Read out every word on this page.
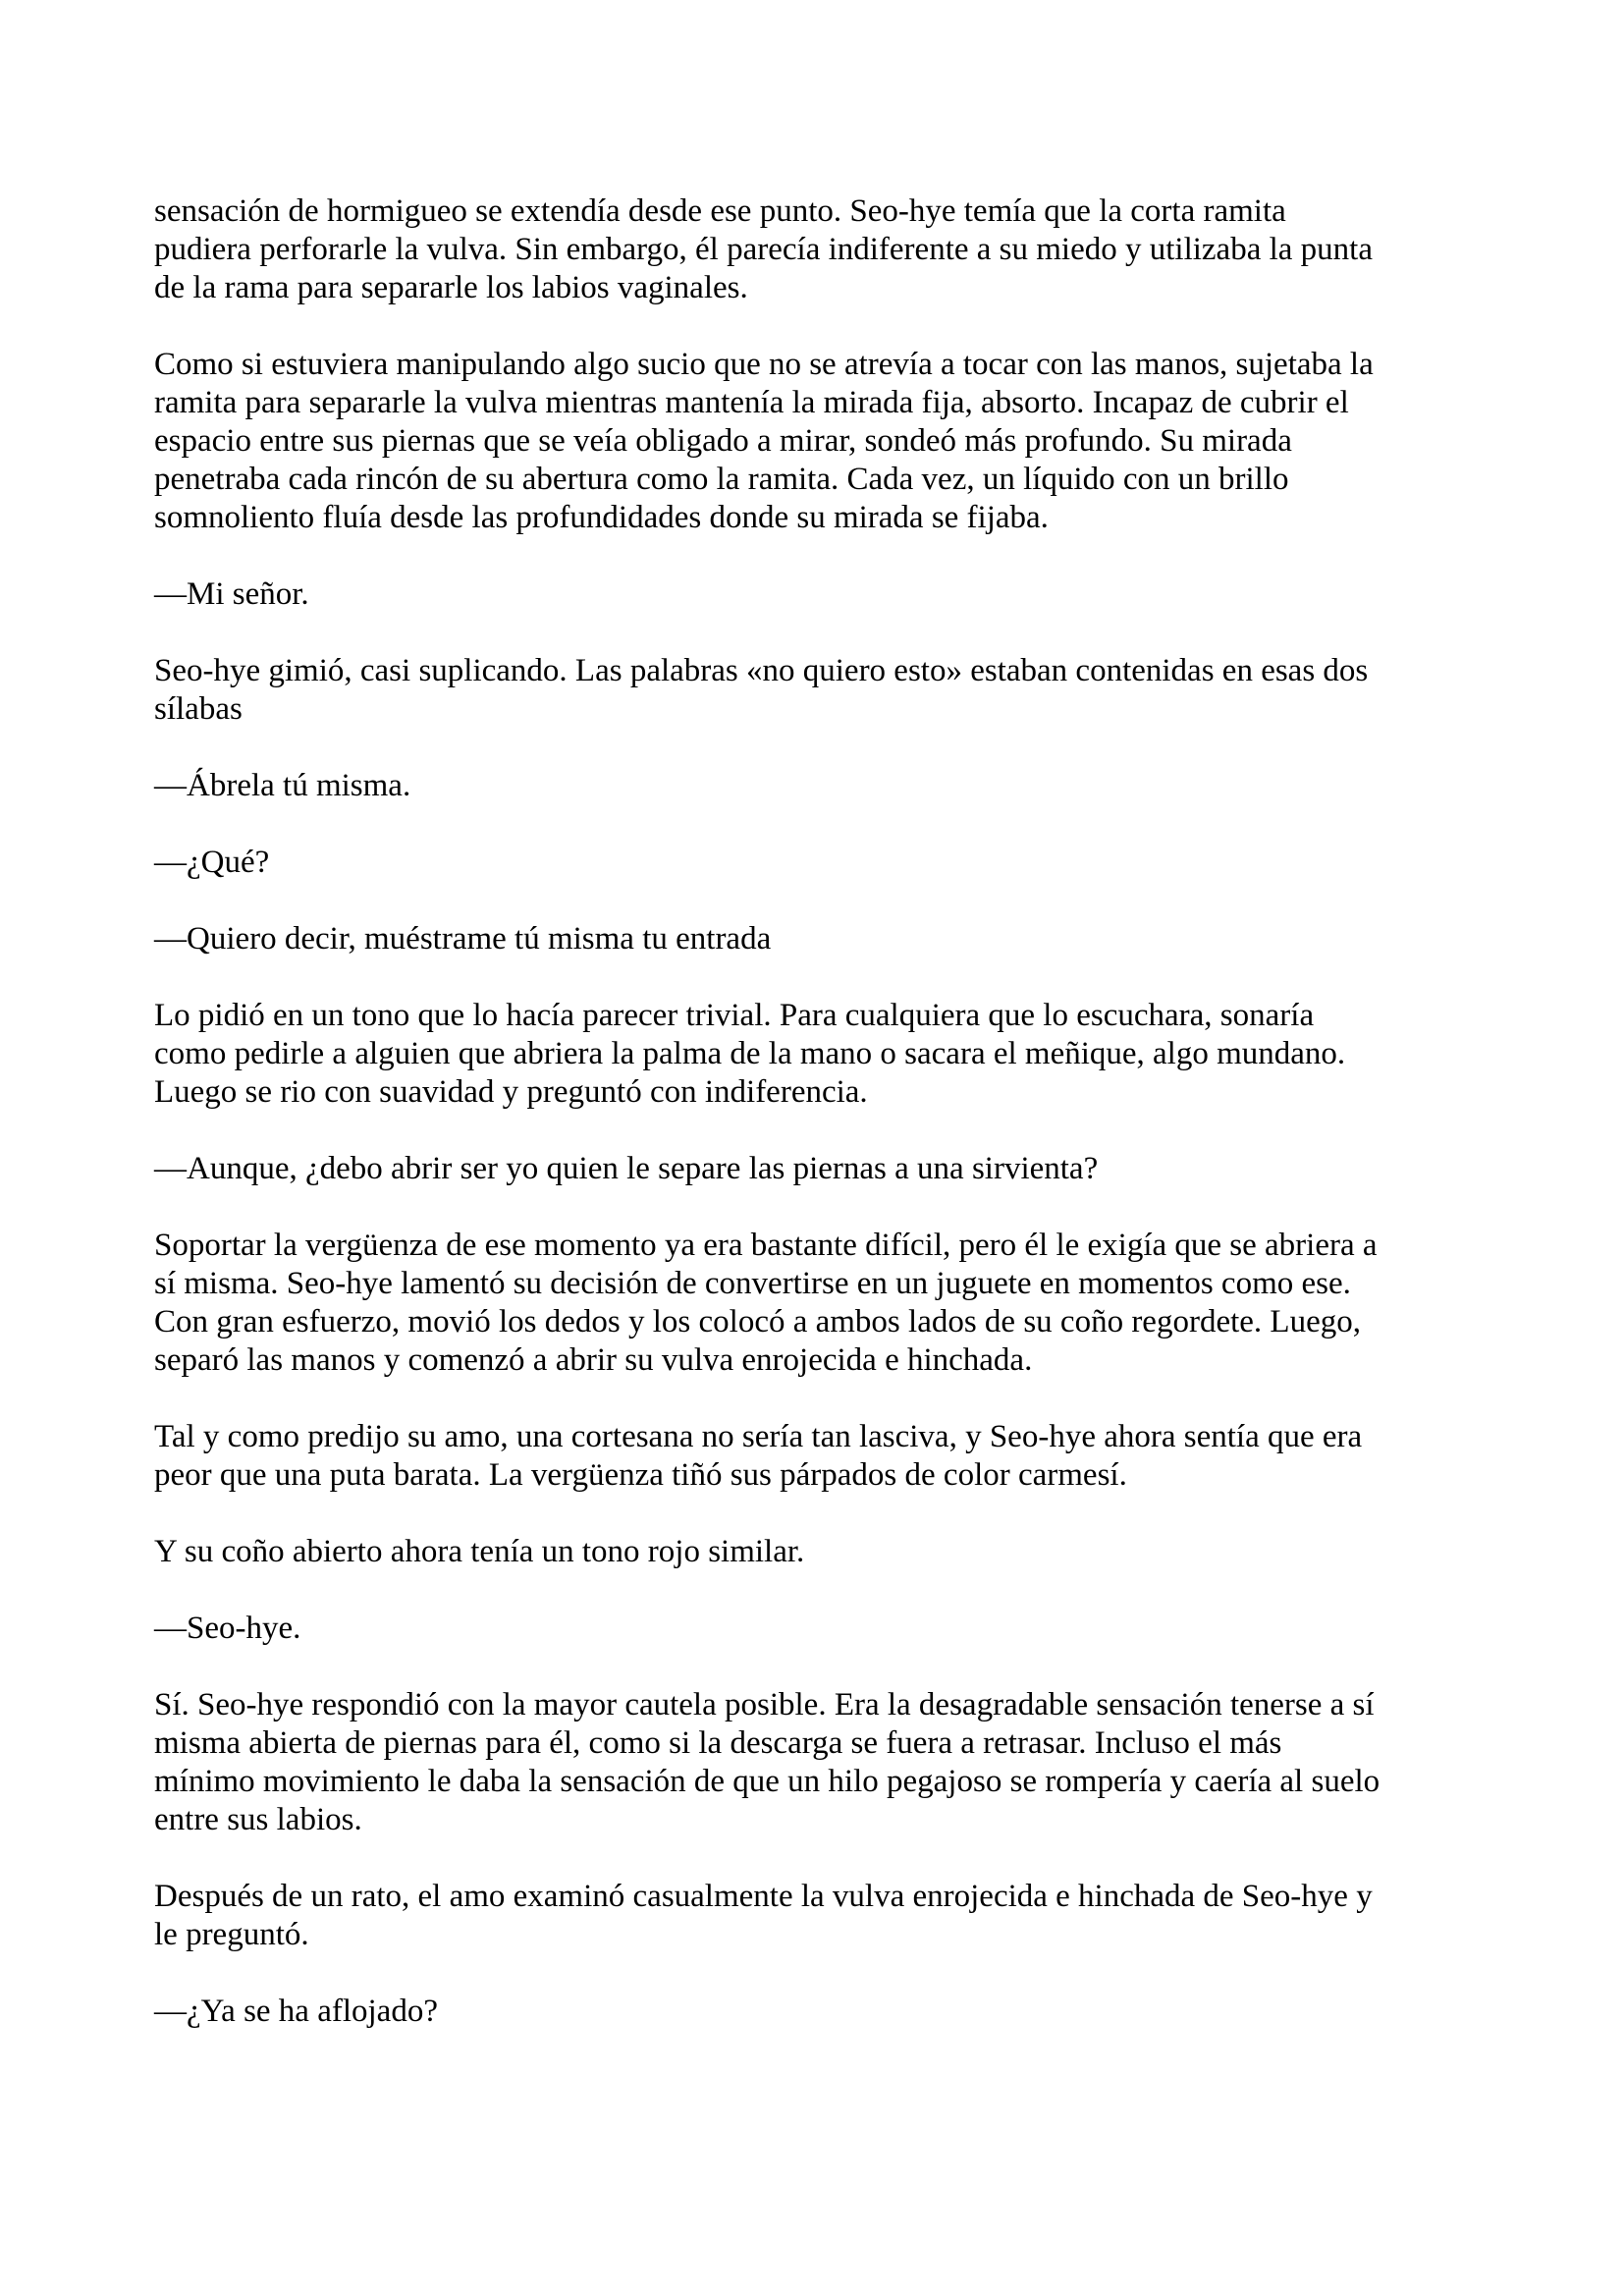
sensación de hormigueo se extendía desde ese punto. Seo-hye temía que la corta ramita pudiera perforarle la vulva. Sin embargo, él parecía indiferente a su miedo y utilizaba la punta de la rama para separarle los labios vaginales.

Como si estuviera manipulando algo sucio que no se atrevía a tocar con las manos, sujetaba la ramita para separarle la vulva mientras mantenía la mirada fija, absorto. Incapaz de cubrir el espacio entre sus piernas que se veía obligado a mirar, sondeó más profundo. Su mirada penetraba cada rincón de su abertura como la ramita. Cada vez, un líquido con un brillo somnoliento fluía desde las profundidades donde su mirada se fijaba.

—Mi señor.

Seo-hye gimió, casi suplicando. Las palabras «no quiero esto» estaban contenidas en esas dos sílabas

—Ábrela tú misma.

—¿Qué?

—Quiero decir, muéstrame tú misma tu entrada

Lo pidió en un tono que lo hacía parecer trivial. Para cualquiera que lo escuchara, sonaría como pedirle a alguien que abriera la palma de la mano o sacara el meñique, algo mundano. Luego se rio con suavidad y preguntó con indiferencia.

—Aunque, ¿debo abrir ser yo quien le separe las piernas a una sirvienta?

Soportar la vergüenza de ese momento ya era bastante difícil, pero él le exigía que se abriera a sí misma. Seo-hye lamentó su decisión de convertirse en un juguete en momentos como ese. Con gran esfuerzo, movió los dedos y los colocó a ambos lados de su coño regordete. Luego, separó las manos y comenzó a abrir su vulva enrojecida e hinchada.

Tal y como predijo su amo, una cortesana no sería tan lasciva, y Seo-hye ahora sentía que era peor que una puta barata. La vergüenza tiñó sus párpados de color carmesí.

Y su coño abierto ahora tenía un tono rojo similar.

—Seo-hye.

Sí. Seo-hye respondió con la mayor cautela posible. Era la desagradable sensación tenerse a sí misma abierta de piernas para él, como si la descarga se fuera a retrasar. Incluso el más mínimo movimiento le daba la sensación de que un hilo pegajoso se rompería y caería al suelo entre sus labios.

Después de un rato, el amo examinó casualmente la vulva enrojecida e hinchada de Seo-hye y le preguntó.

—¿Ya se ha aflojado?
